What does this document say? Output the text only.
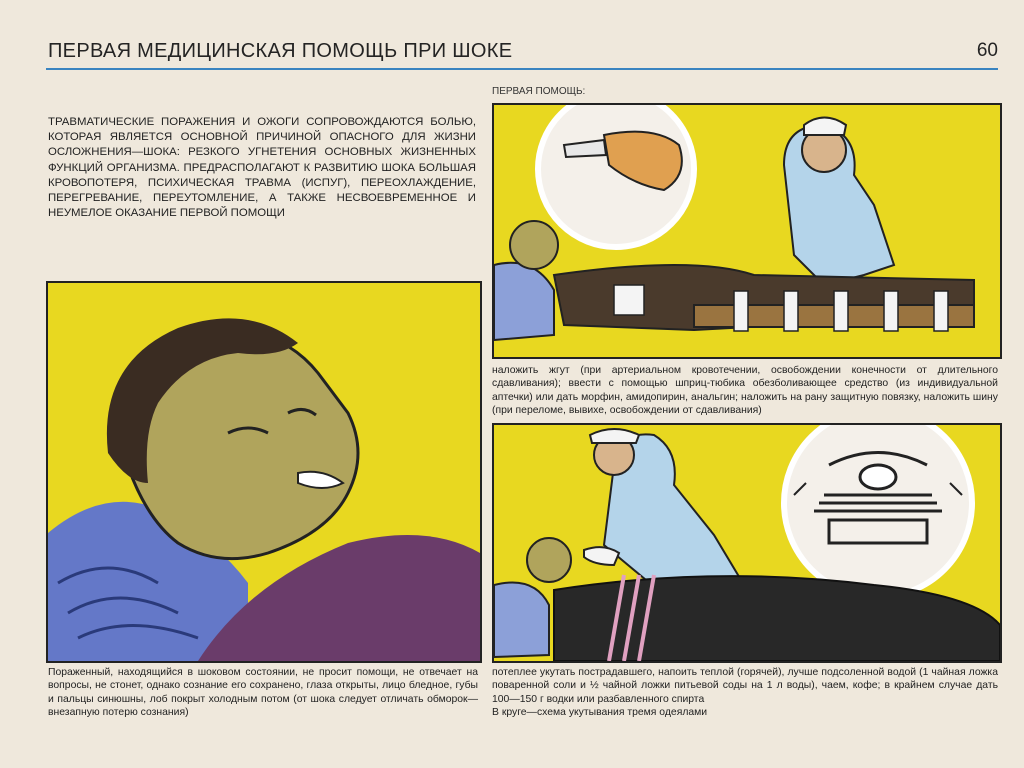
ПЕРВАЯ МЕДИЦИНСКАЯ ПОМОЩЬ ПРИ ШОКЕ	60

ТРАВМАТИЧЕСКИЕ ПОРАЖЕНИЯ И ОЖОГИ СОПРОВОЖДАЮТСЯ БОЛЬЮ, КОТОРАЯ ЯВЛЯЕТСЯ ОСНОВНОЙ ПРИЧИНОЙ ОПАСНОГО ДЛЯ ЖИЗНИ ОСЛОЖНЕНИЯ—ШОКА: РЕЗКОГО УГНЕТЕНИЯ ОСНОВНЫХ ЖИЗНЕННЫХ ФУНКЦИЙ ОРГАНИЗМА. ПРЕДРАСПОЛАГАЮТ К РАЗВИТИЮ ШОКА БОЛЬШАЯ КРОВОПОТЕРЯ, ПСИХИЧЕСКАЯ ТРАВМА (ИСПУГ), ПЕРЕОХЛАЖДЕНИЕ, ПЕРЕГРЕВАНИЕ, ПЕРЕУТОМЛЕНИЕ, А ТАКЖЕ НЕСВОЕВРЕМЕННОЕ И НЕУМЕЛОЕ ОКАЗАНИЕ ПЕРВОЙ ПОМОЩИ

ПЕРВАЯ ПОМОЩЬ:

Пораженный, находящийся в шоковом состоянии, не просит помощи, не отвечает на вопросы, не стонет, однако сознание его сохранено, глаза открыты, лицо бледное, губы и пальцы синюшны, лоб покрыт холодным потом (от шока следует отличать обморок—внезапную потерю сознания)

наложить жгут (при артериальном кровотечении, освобождении конечности от длительного сдавливания); ввести с помощью шприц-тюбика обезболивающее средство (из индивидуальной аптечки) или дать морфин, амидопирин, анальгин; наложить на рану защитную повязку, наложить шину (при переломе, вывихе, освобождении от сдавливания)

потеплее укутать пострадавшего, напоить теплой (горячей), лучше подсоленной водой (1 чайная ложка поваренной соли и ½ чайной ложки питьевой соды на 1 л воды), чаем, кофе; в крайнем случае дать 100—150 г водки или разбавленного спирта
В круге—схема укутывания тремя одеялами
